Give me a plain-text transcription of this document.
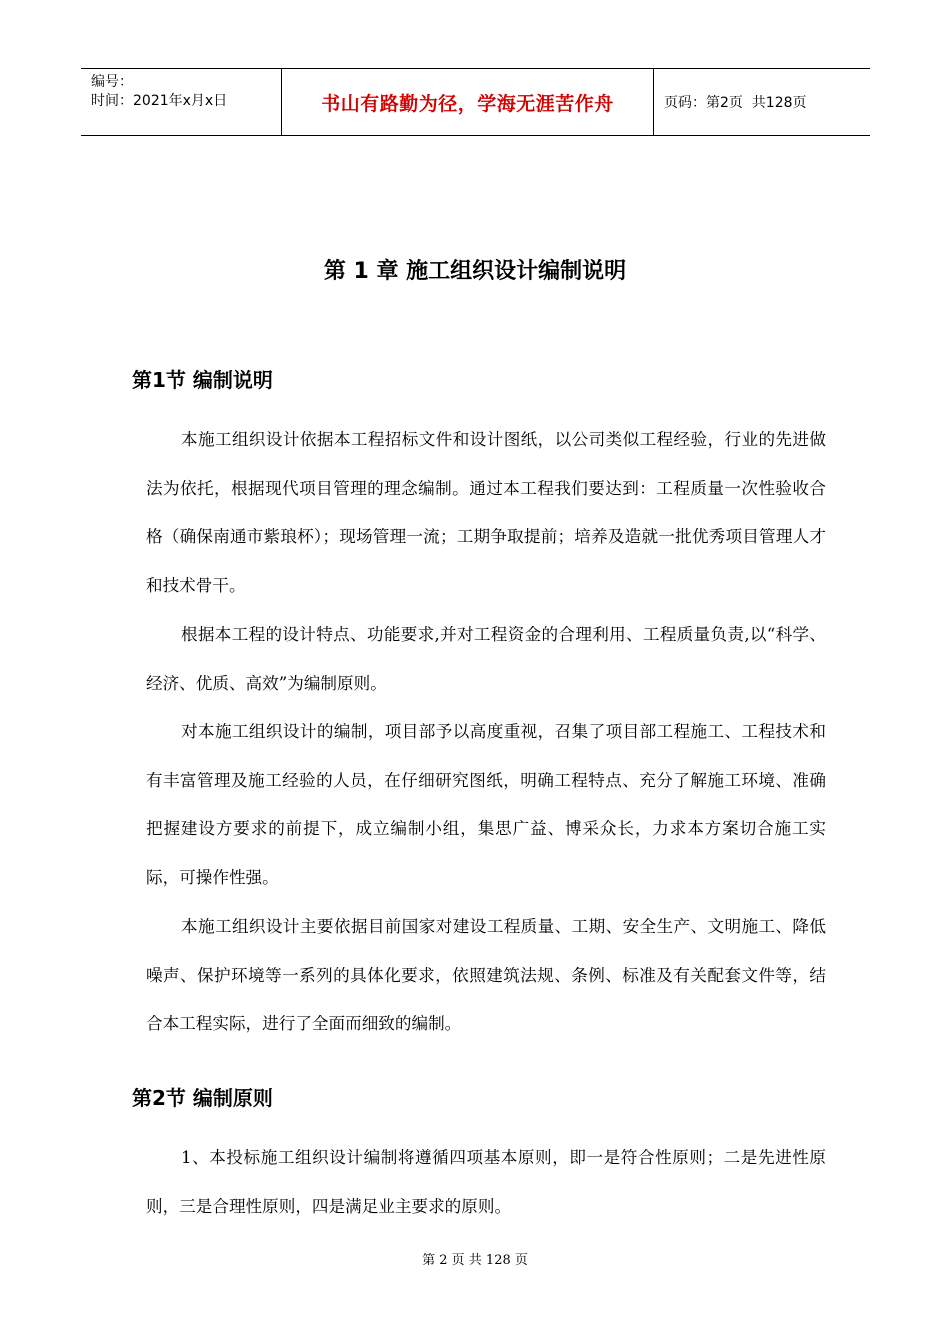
编号：
时间：2021年x月x日	书山有路勤为径，学海无涯苦作舟	页码：第2页  共128页
第 1 章 施工组织设计编制说明
第1节 编制说明

本施工组织设计依据本工程招标文件和设计图纸，以公司类似工程经验，行业的先进做法为依托，根据现代项目管理的理念编制。通过本工程我们要达到：工程质量一次性验收合格（确保南通市紫琅杯）；现场管理一流；工期争取提前；培养及造就一批优秀项目管理人才和技术骨干。

根据本工程的设计特点、功能要求,并对工程资金的合理利用、工程质量负责,以“科学、经济、优质、高效”为编制原则。

对本施工组织设计的编制，项目部予以高度重视，召集了项目部工程施工、工程技术和有丰富管理及施工经验的人员，在仔细研究图纸，明确工程特点、充分了解施工环境、准确把握建设方要求的前提下，成立编制小组，集思广益、博采众长，力求本方案切合施工实际，可操作性强。

本施工组织设计主要依据目前国家对建设工程质量、工期、安全生产、文明施工、降低噪声、保护环境等一系列的具体化要求，依照建筑法规、条例、标准及有关配套文件等，结合本工程实际，进行了全面而细致的编制。

第2节 编制原则

1、本投标施工组织设计编制将遵循四项基本原则，即一是符合性原则；二是先进性原则，三是合理性原则，四是满足业主要求的原则。

第 2 页 共 128 页
